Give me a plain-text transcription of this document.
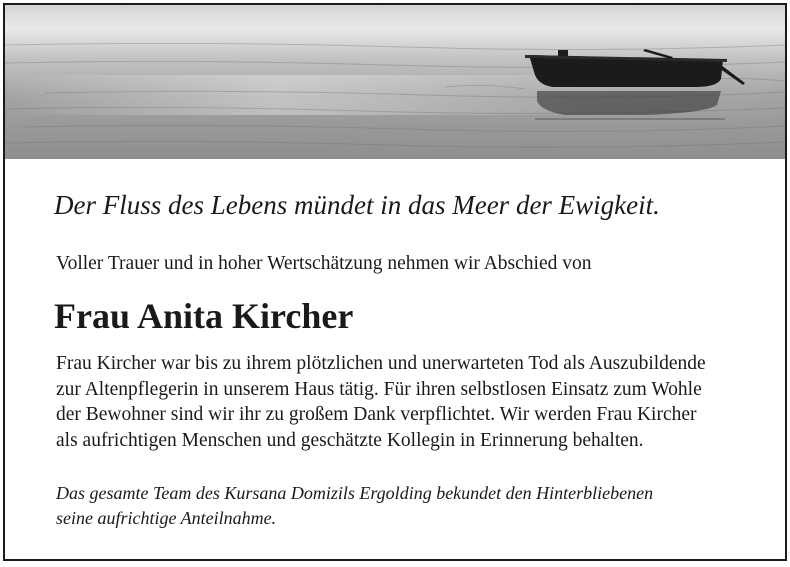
Der Fluss des Lebens mündet in das Meer der Ewigkeit.
Voller Trauer und in hoher Wertschätzung nehmen wir Abschied von
Frau Anita Kircher
Frau Kircher war bis zu ihrem plötzlichen und unerwarteten Tod als Auszubildende
zur Altenpflegerin in unserem Haus tätig. Für ihren selbstlosen Einsatz zum Wohle
der Bewohner sind wir ihr zu großem Dank verpflichtet. Wir werden Frau Kircher
als aufrichtigen Menschen und geschätzte Kollegin in Erinnerung behalten.
Das gesamte Team des Kursana Domizils Ergolding bekundet den Hinterbliebenen
seine aufrichtige Anteilnahme.
